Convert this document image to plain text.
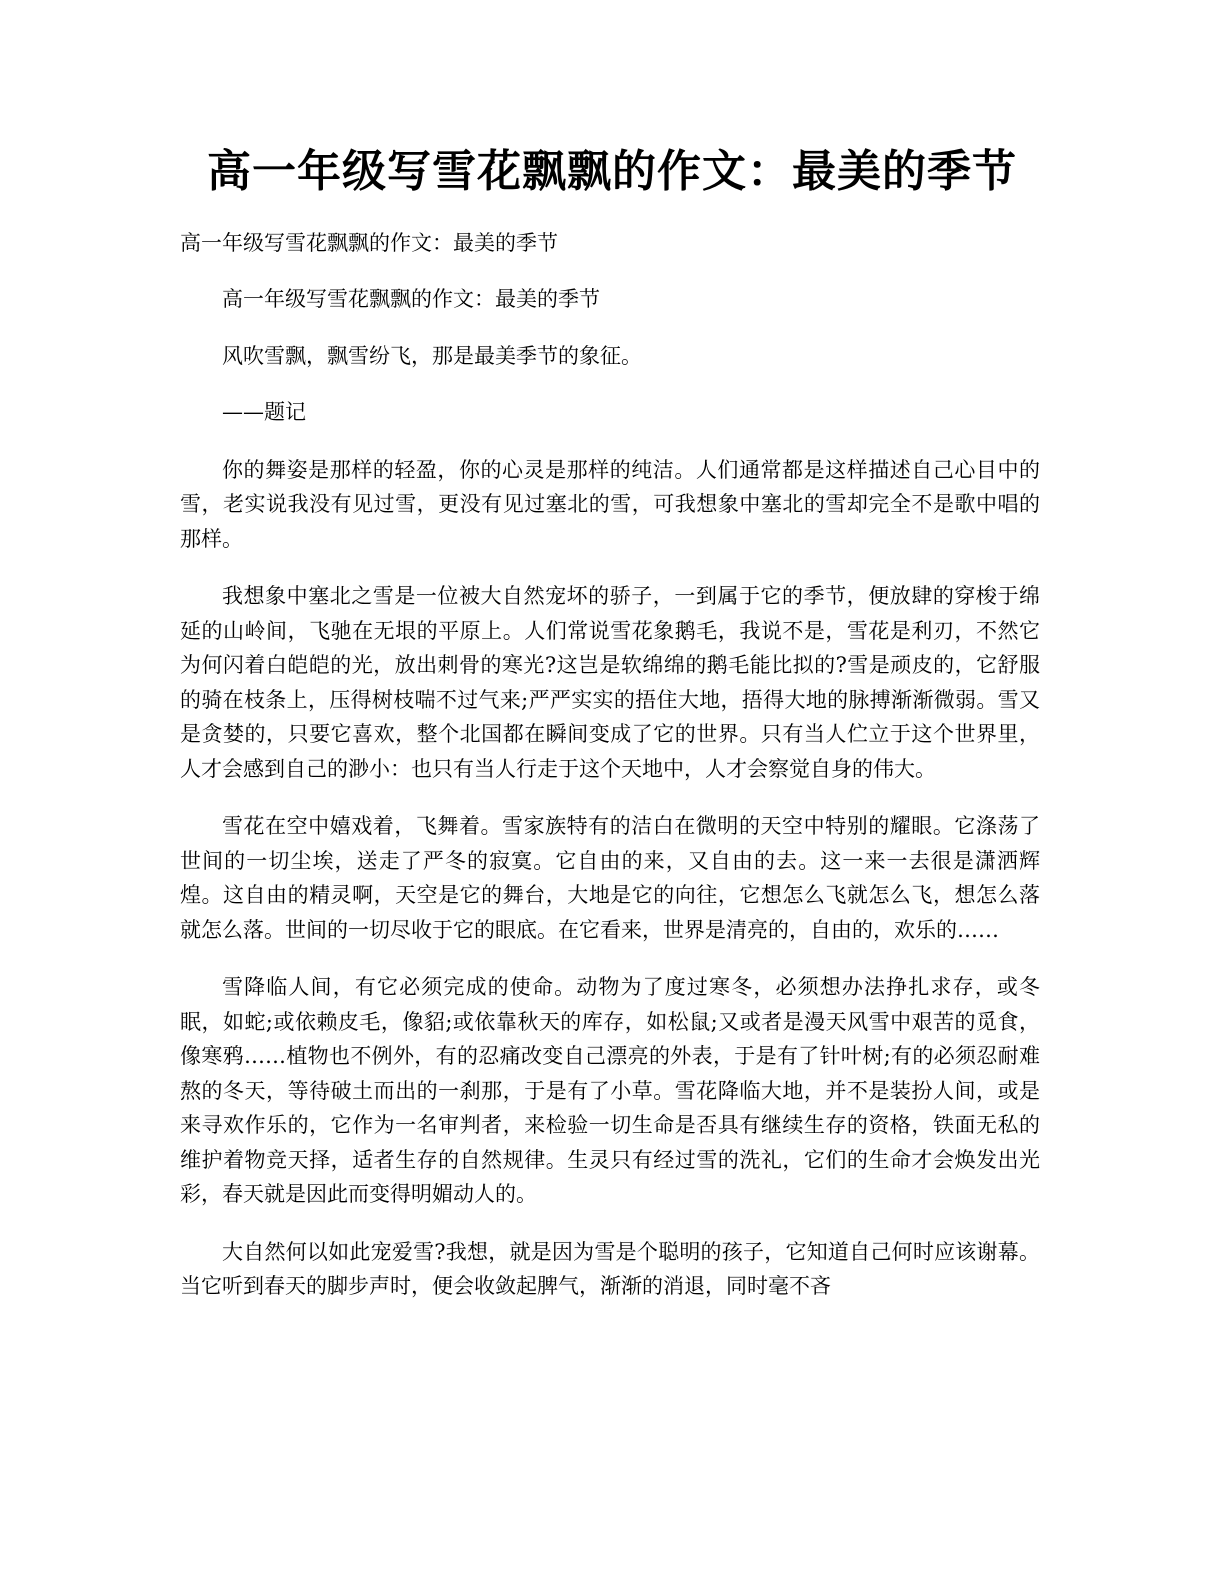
高一年级写雪花飘飘的作文：最美的季节

高一年级写雪花飘飘的作文：最美的季节

高一年级写雪花飘飘的作文：最美的季节

风吹雪飘，飘雪纷飞，那是最美季节的象征。

——题记

你的舞姿是那样的轻盈，你的心灵是那样的纯洁。人们通常都是这样描述自己心目中的雪，老实说我没有见过雪，更没有见过塞北的雪，可我想象中塞北的雪却完全不是歌中唱的那样。

我想象中塞北之雪是一位被大自然宠坏的骄子，一到属于它的季节，便放肆的穿梭于绵延的山岭间，飞驰在无垠的平原上。人们常说雪花象鹅毛，我说不是，雪花是利刃，不然它为何闪着白皑皑的光，放出刺骨的寒光?这岂是软绵绵的鹅毛能比拟的?雪是顽皮的，它舒服的骑在枝条上，压得树枝喘不过气来;严严实实的捂住大地，捂得大地的脉搏渐渐微弱。雪又是贪婪的，只要它喜欢，整个北国都在瞬间变成了它的世界。只有当人伫立于这个世界里，人才会感到自己的渺小：也只有当人行走于这个天地中，人才会察觉自身的伟大。

雪花在空中嬉戏着，飞舞着。雪家族特有的洁白在微明的天空中特别的耀眼。它涤荡了世间的一切尘埃，送走了严冬的寂寞。它自由的来，又自由的去。这一来一去很是潇洒辉煌。这自由的精灵啊，天空是它的舞台，大地是它的向往，它想怎么飞就怎么飞，想怎么落就怎么落。世间的一切尽收于它的眼底。在它看来，世界是清亮的，自由的，欢乐的……

雪降临人间，有它必须完成的使命。动物为了度过寒冬，必须想办法挣扎求存，或冬眠，如蛇;或依赖皮毛，像貂;或依靠秋天的库存，如松鼠;又或者是漫天风雪中艰苦的觅食，像寒鸦……植物也不例外，有的忍痛改变自己漂亮的外表，于是有了针叶树;有的必须忍耐难熬的冬天，等待破土而出的一刹那，于是有了小草。雪花降临大地，并不是装扮人间，或是来寻欢作乐的，它作为一名审判者，来检验一切生命是否具有继续生存的资格，铁面无私的维护着物竞天择，适者生存的自然规律。生灵只有经过雪的洗礼，它们的生命才会焕发出光彩，春天就是因此而变得明媚动人的。

大自然何以如此宠爱雪?我想，就是因为雪是个聪明的孩子，它知道自己何时应该谢幕。当它听到春天的脚步声时，便会收敛起脾气，渐渐的消退，同时毫不吝
